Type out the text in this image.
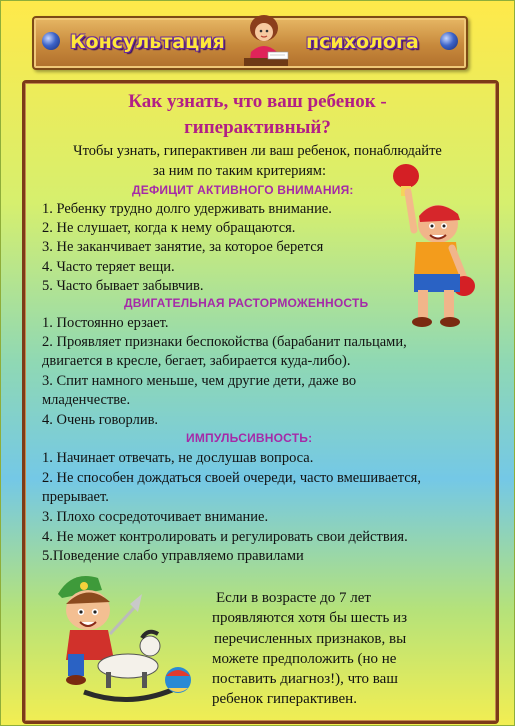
Консультация	психолога
Как узнать, что ваш ребенок -
гиперактивный?
Чтобы узнать, гиперактивен ли ваш ребенок, понаблюдайте
за ним по таким критериям:
ДЕФИЦИТ АКТИВНОГО ВНИМАНИЯ:
1. Ребенку трудно долго удерживать внимание.
2. Не слушает, когда к нему обращаются.
3. Не заканчивает занятие, за которое берется
4. Часто теряет вещи.
5. Часто бывает забывчив.
ДВИГАТЕЛЬНАЯ РАСТОРМОЖЕННОСТЬ
1. Постоянно ерзает.
2. Проявляет признаки беспокойства (барабанит пальцами,
двигается в кресле, бегает, забирается куда-либо).
3. Спит намного меньше, чем другие дети, даже во
младенчестве.
4. Очень говорлив.
ИМПУЛЬСИВНОСТЬ:
1. Начинает отвечать, не дослушав вопроса.
2. Не способен дождаться своей очереди, часто вмешивается,
прерывает.
3. Плохо сосредоточивает внимание.
4. Не может контролировать и регулировать свои действия.
5.Поведение слабо управляемо правилами
Если в возрасте до 7 лет
проявляются хотя бы шесть из
перечисленных признаков, вы
можете предположить (но не
поставить диагноз!), что ваш
ребенок гиперактивен.
